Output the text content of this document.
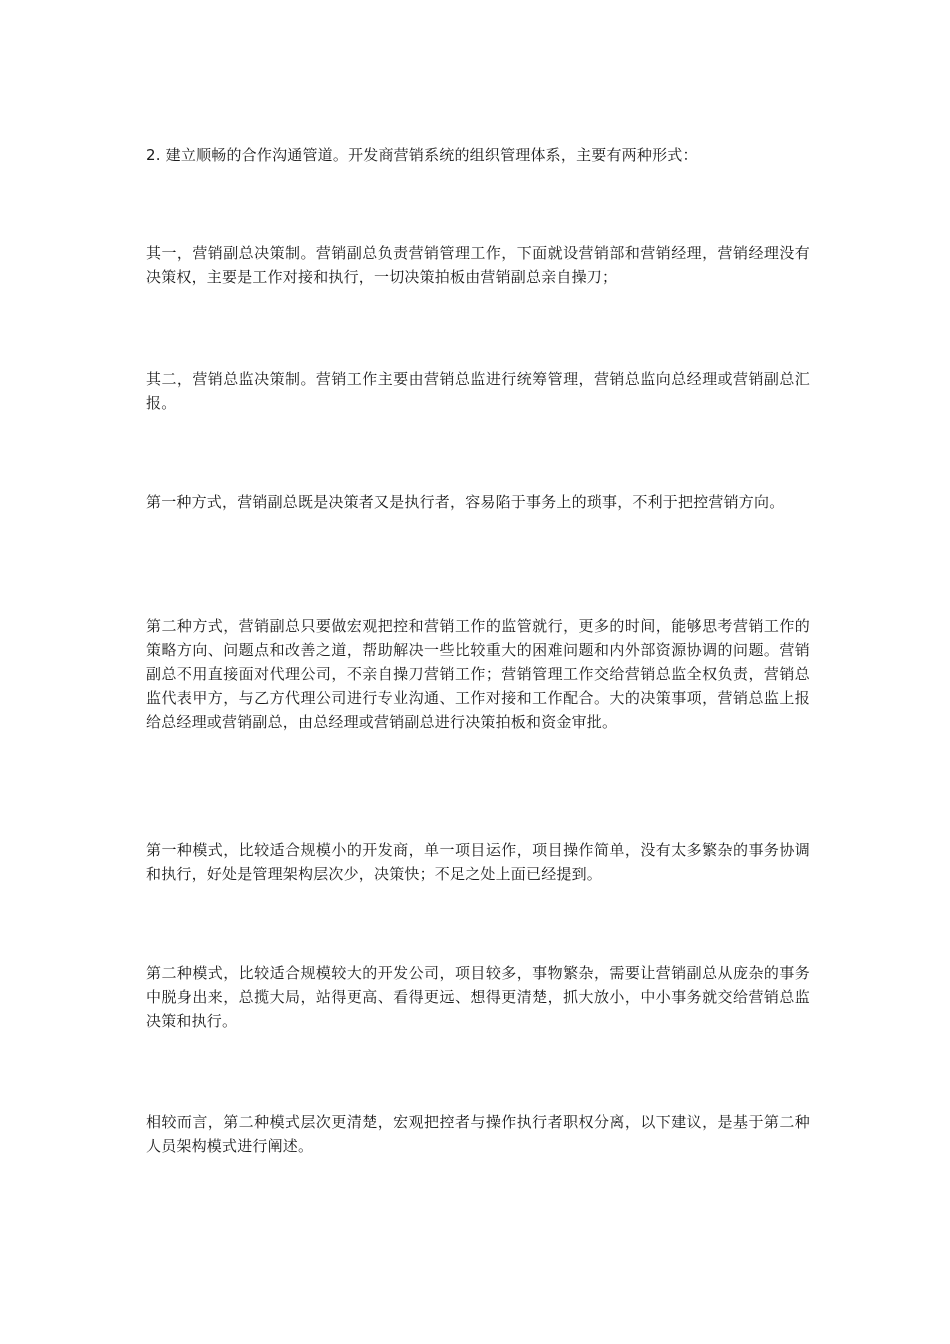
2. 建立顺畅的合作沟通管道。开发商营销系统的组织管理体系，主要有两种形式：

其一，营销副总决策制。营销副总负责营销管理工作，下面就设营销部和营销经理，营销经理没有决策权，主要是工作对接和执行，一切决策拍板由营销副总亲自操刀；

其二，营销总监决策制。营销工作主要由营销总监进行统筹管理，营销总监向总经理或营销副总汇报。

第一种方式，营销副总既是决策者又是执行者，容易陷于事务上的琐事，不利于把控营销方向。

第二种方式，营销副总只要做宏观把控和营销工作的监管就行，更多的时间，能够思考营销工作的策略方向、问题点和改善之道，帮助解决一些比较重大的困难问题和内外部资源协调的问题。营销副总不用直接面对代理公司，不亲自操刀营销工作；营销管理工作交给营销总监全权负责，营销总监代表甲方，与乙方代理公司进行专业沟通、工作对接和工作配合。大的决策事项，营销总监上报给总经理或营销副总，由总经理或营销副总进行决策拍板和资金审批。

第一种模式，比较适合规模小的开发商，单一项目运作，项目操作简单，没有太多繁杂的事务协调和执行，好处是管理架构层次少，决策快；不足之处上面已经提到。

第二种模式，比较适合规模较大的开发公司，项目较多，事物繁杂，需要让营销副总从庞杂的事务中脱身出来，总揽大局，站得更高、看得更远、想得更清楚，抓大放小，中小事务就交给营销总监决策和执行。

相较而言，第二种模式层次更清楚，宏观把控者与操作执行者职权分离，以下建议，是基于第二种人员架构模式进行阐述。
